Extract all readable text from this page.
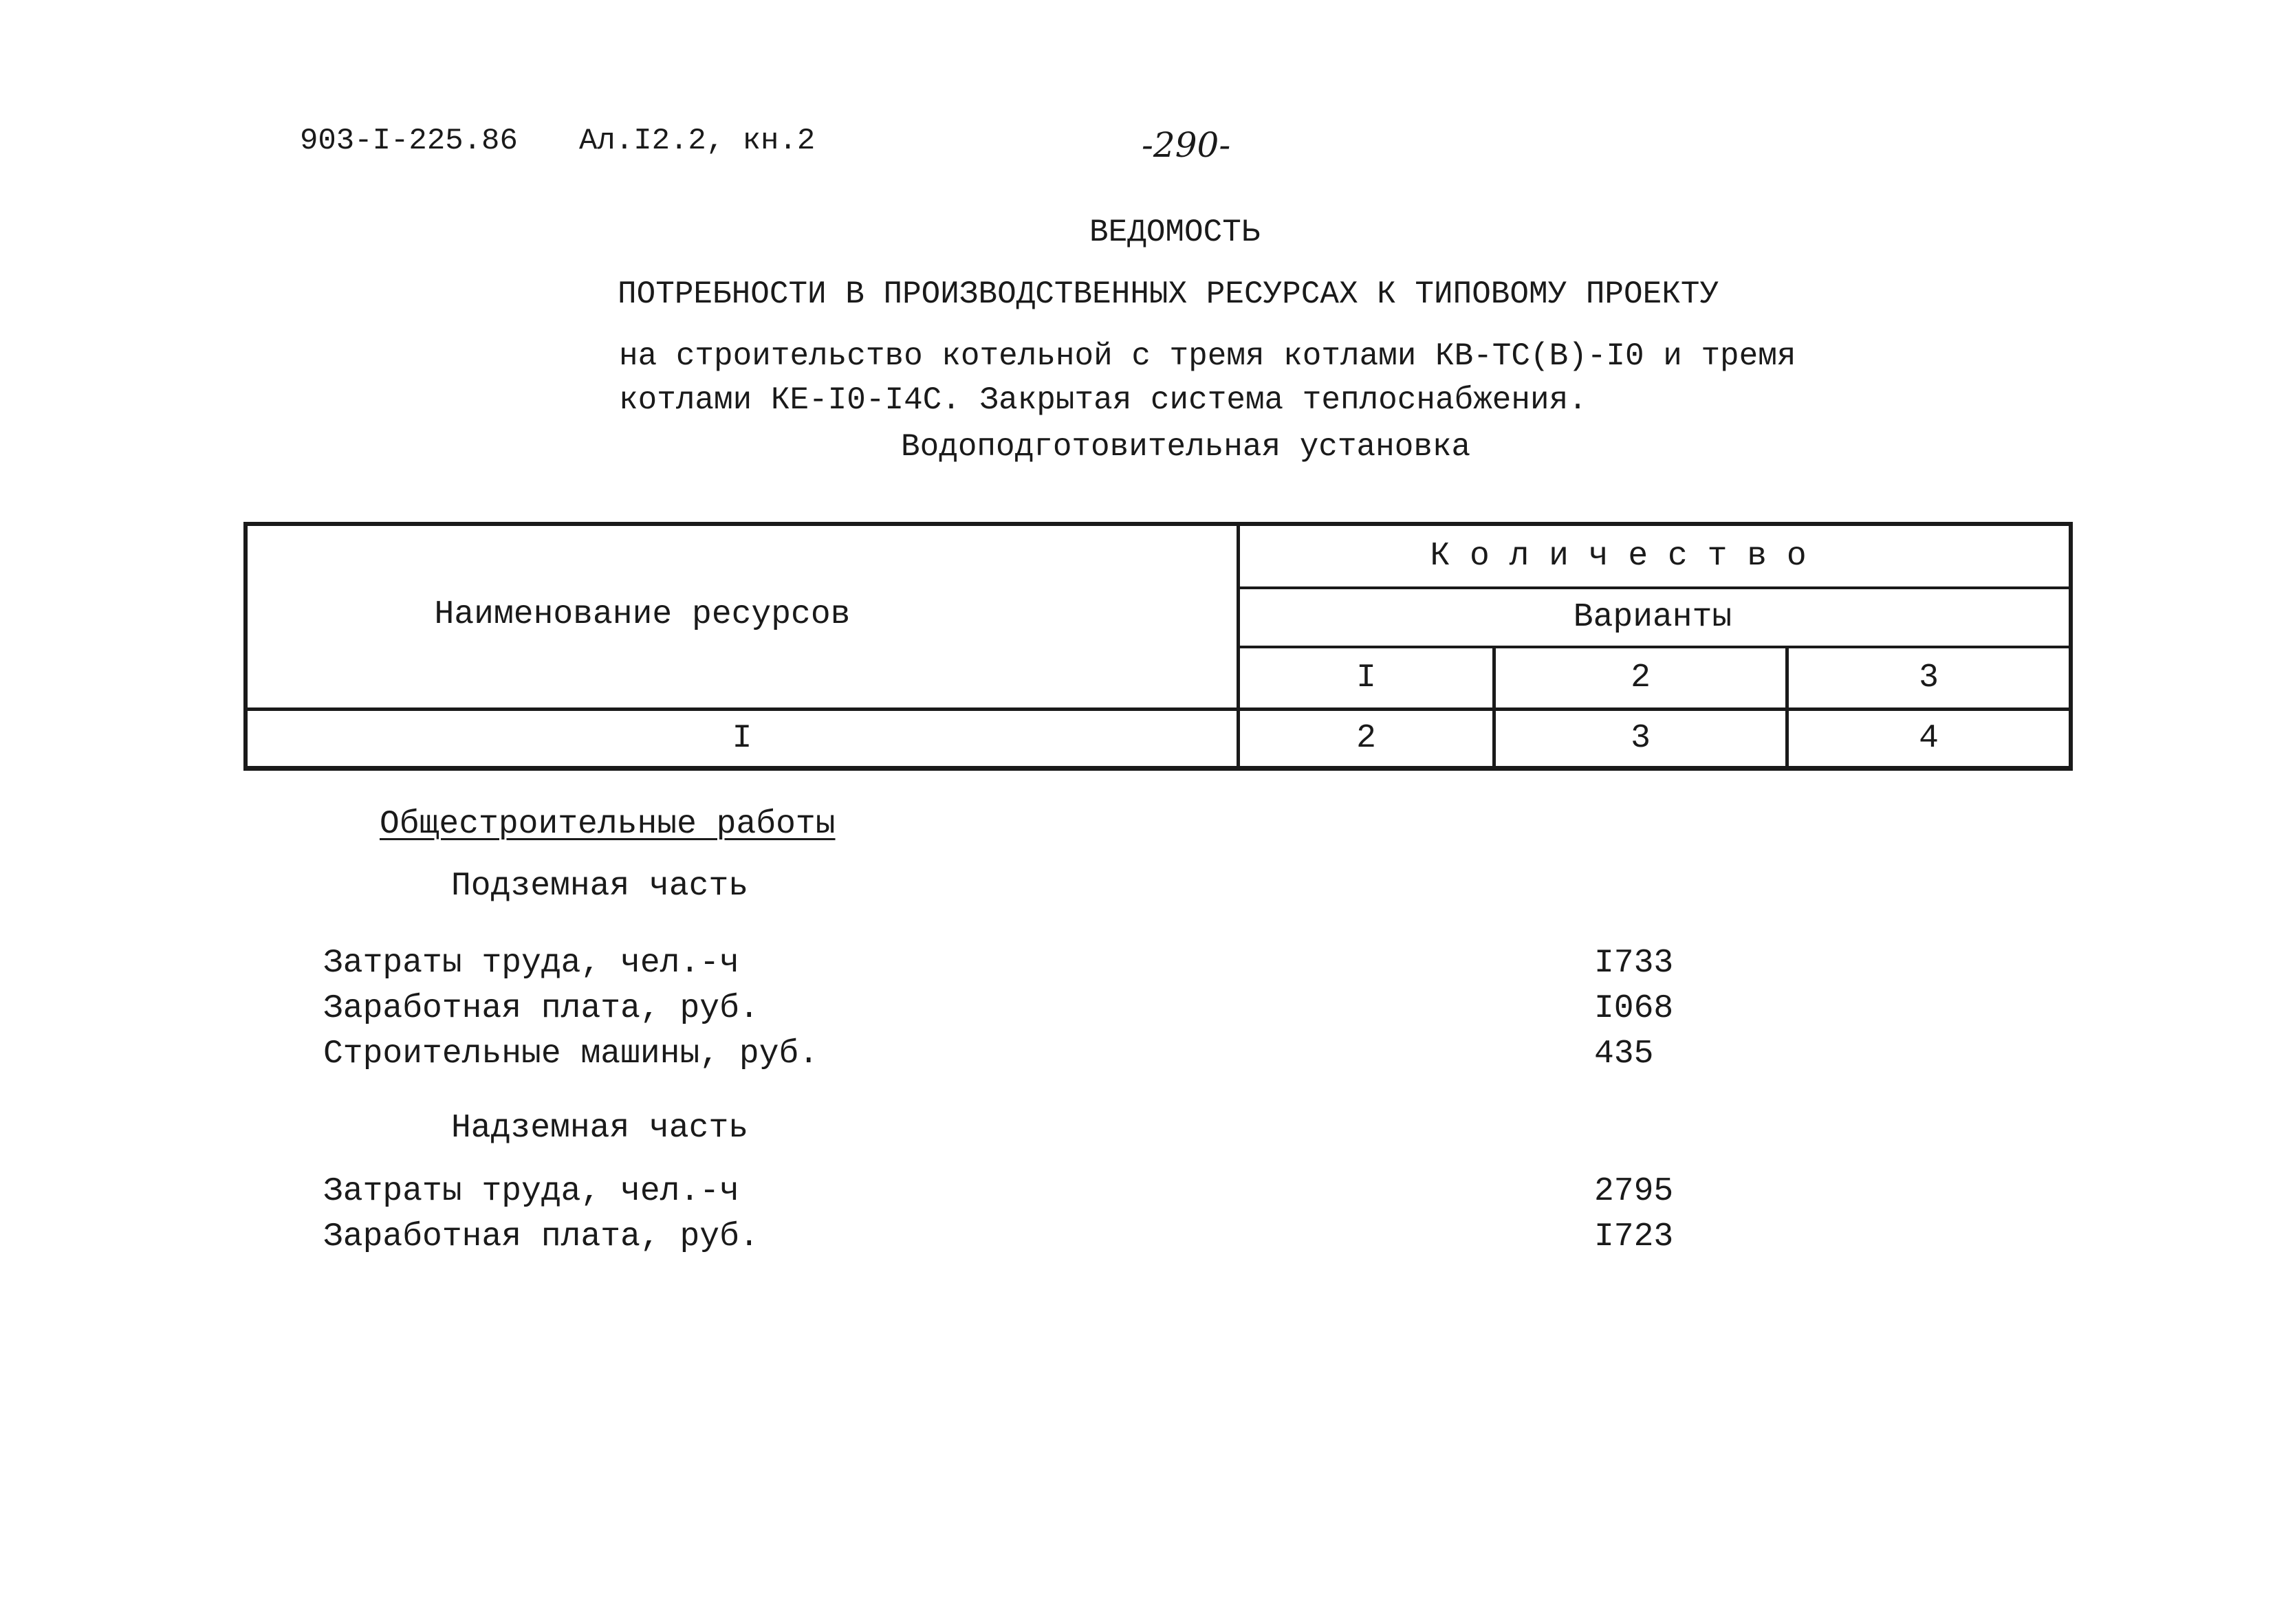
903-I-225.86 Ал.I2.2, кн.2	-290-
ВЕДОМОСТЬ
ПОТРЕБНОСТИ В ПРОИЗВОДСТВЕННЫХ РЕСУРСАХ К ТИПОВОМУ ПРОЕКТУ
на строительство котельной с тремя котлами КВ-ТС(В)-I0 и тремя
котлами КЕ-I0-I4С. Закрытая система теплоснабжения.
Водоподготовительная установка
Наименование ресурсов
К о л и ч е с т в о
Варианты
I	2	3
I	2	3	4
Общестроительные работы
Подземная часть
Затраты труда, чел.-ч	I733
Заработная плата, руб.	I068
Строительные машины, руб.	435
Надземная часть
Затраты труда, чел.-ч	2795
Заработная плата, руб.	I723
